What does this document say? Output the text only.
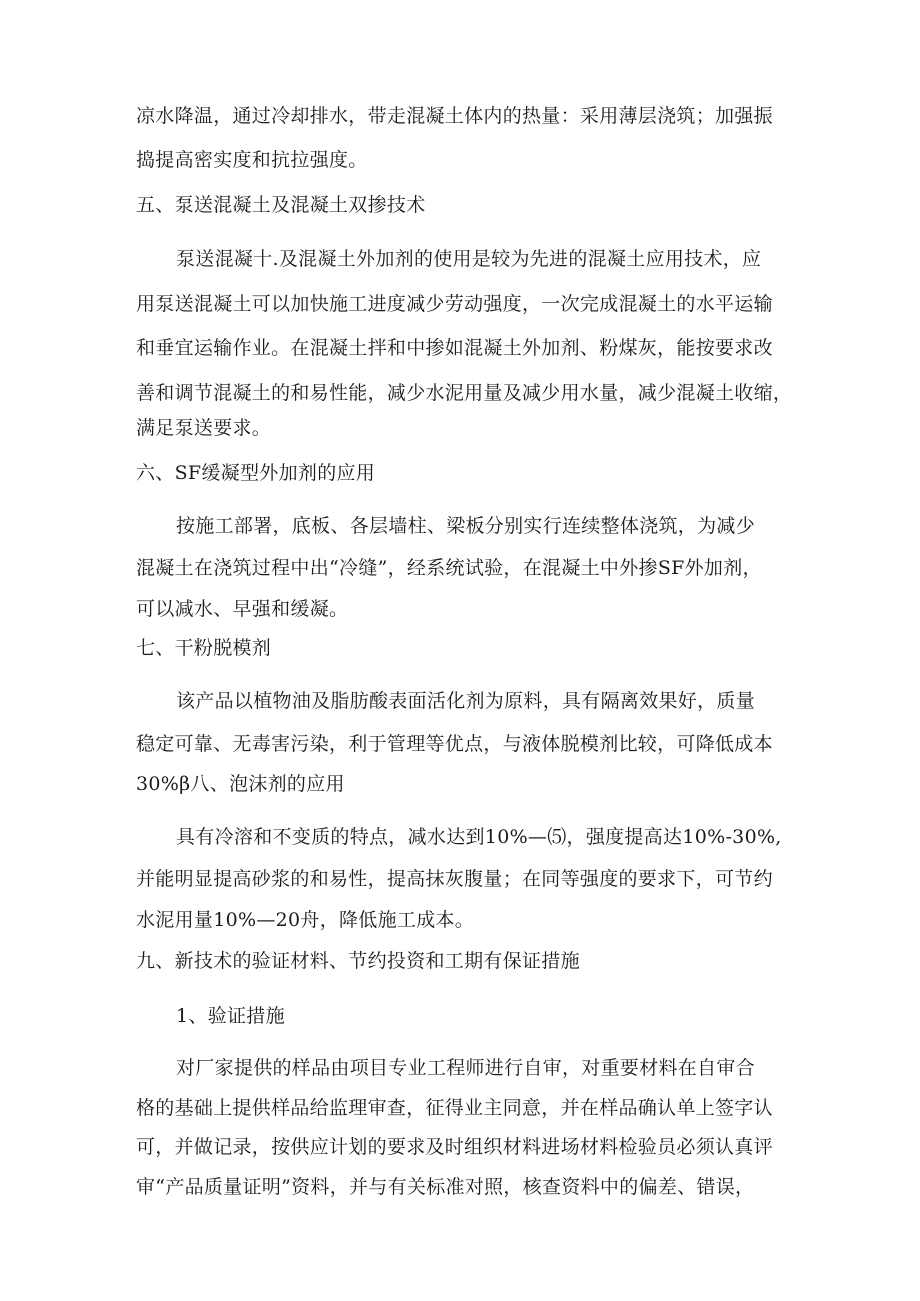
凉水降温，通过冷却排水，带走混凝土体内的热量：采用薄层浇筑；加强振
捣提高密实度和抗拉强度。
五、泵送混凝土及混凝土双掺技术
泵送混凝十.及混凝土外加剂的使用是较为先进的混凝土应用技术，应
用泵送混凝土可以加快施工进度减少劳动强度，一次完成混凝土的水平运输
和垂宜运输作业。在混凝土拌和中掺如混凝土外加剂、粉煤灰，能按要求改
善和调节混凝土的和易性能，减少水泥用量及减少用水量，减少混凝土收缩，
满足泵送要求。
六、SF缓凝型外加剂的应用
按施工部署，底板、各层墙柱、梁板分别实行连续整体浇筑，为减少
混凝土在浇筑过程中出“冷缝”，经系统试验，在混凝土中外掺SF外加剂，
可以减水、早强和缓凝。
七、干粉脱模剂
该产品以植物油及脂肪酸表面活化剂为原料，具有隔离效果好，质量
稳定可靠、无毒害污染，利于管理等优点，与液体脱模剂比较，可降低成本
30%β八、泡沫剂的应用
具有冷溶和不变质的特点，减水达到10%—⑸，强度提高达10%-30%,
并能明显提高砂浆的和易性，提高抹灰腹量；在同等强度的要求下，可节约
水泥用量10%—20舟，降低施工成本。
九、新技术的验证材料、节约投资和工期有保证措施
1、验证措施
对厂家提供的样品由项目专业工程师进行自审，对重要材料在自审合
格的基础上提供样品给监理审查，征得业主同意，并在样品确认单上签字认
可，并做记录，按供应计划的要求及时组织材料进场材料检验员必须认真评
审“产品质量证明”资料，并与有关标准对照，核查资料中的偏差、错误，
